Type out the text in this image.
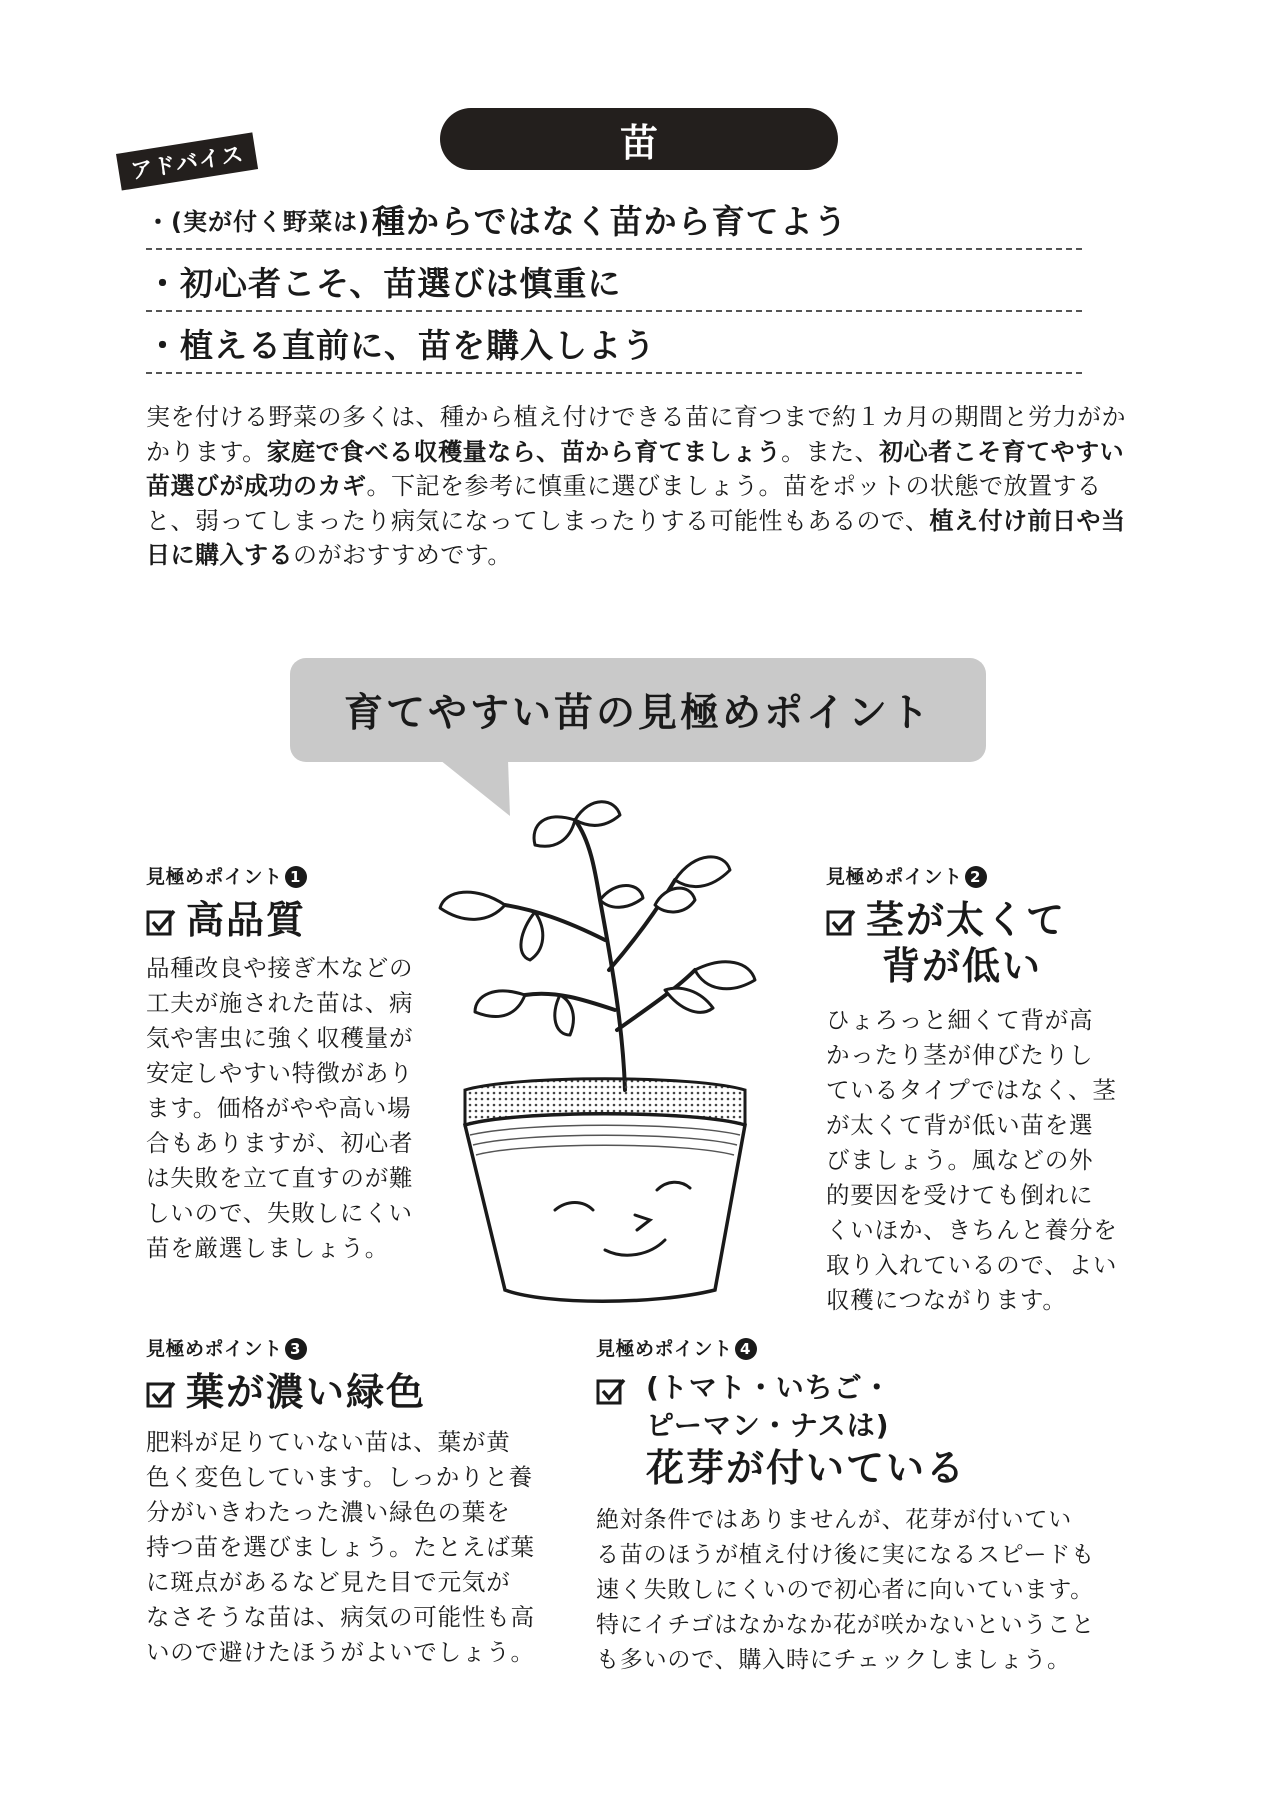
苗
アドバイス
・(実が付く野菜は) 種からではなく苗から育てよう
・初心者こそ、苗選びは慎重に
・植える直前に、苗を購入しよう
実を付ける野菜の多くは、種から植え付けできる苗に育つまで約１カ月の期間と労力がかかります。家庭で食べる収穫量なら、苗から育てましょう。また、初心者こそ育てやすい苗選びが成功のカギ。下記を参考に慎重に選びましょう。苗をポットの状態で放置すると、弱ってしまったり病気になってしまったりする可能性もあるので、植え付け前日や当日に購入するのがおすすめです。
育てやすい苗の見極めポイント
見極めポイント 1
高品質
品種改良や接ぎ木などの
工夫が施された苗は、病
気や害虫に強く収穫量が
安定しやすい特徴があり
ます。価格がやや高い場
合もありますが、初心者
は失敗を立て直すのが難
しいので、失敗しにくい
苗を厳選しましょう。
見極めポイント 2
茎が太くて
背が低い
ひょろっと細くて背が高
かったり茎が伸びたりし
ているタイプではなく、茎
が太くて背が低い苗を選
びましょう。風などの外
的要因を受けても倒れに
くいほか、きちんと養分を
取り入れているので、よい
収穫につながります。
見極めポイント 3
葉が濃い緑色
肥料が足りていない苗は、葉が黄
色く変色しています。しっかりと養
分がいきわたった濃い緑色の葉を
持つ苗を選びましょう。たとえば葉
に斑点があるなど見た目で元気が
なさそうな苗は、病気の可能性も高
いので避けたほうがよいでしょう。
見極めポイント 4
(トマト・いちご・
ピーマン・ナスは)
花芽が付いている
絶対条件ではありませんが、花芽が付いてい
る苗のほうが植え付け後に実になるスピードも
速く失敗しにくいので初心者に向いています。
特にイチゴはなかなか花が咲かないということ
も多いので、購入時にチェックしましょう。
